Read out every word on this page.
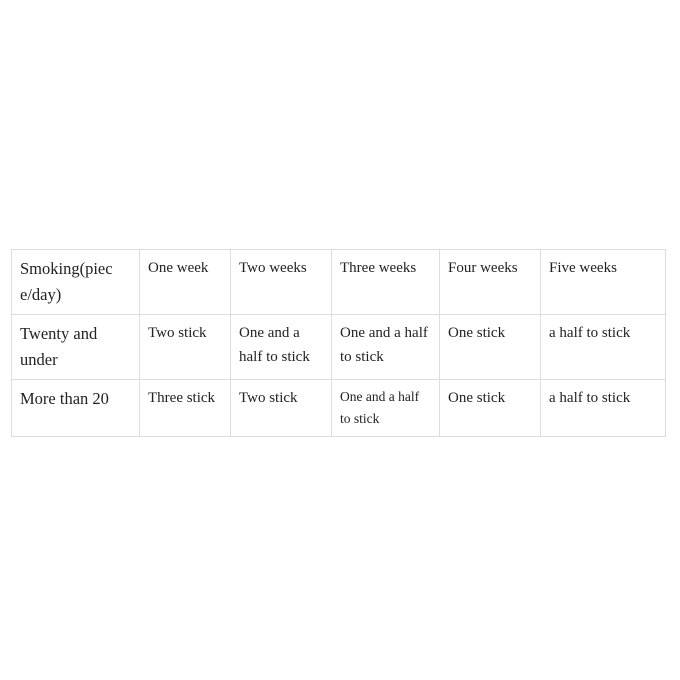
Smoking(piec e/day)	One week	Two weeks	Three weeks	Four weeks	Five weeks
Twenty and under	Two stick	One and a half to stick	One and a half to stick	One stick	a half to stick
More than 20	Three stick	Two stick	One and a half to stick	One stick	a half to stick
